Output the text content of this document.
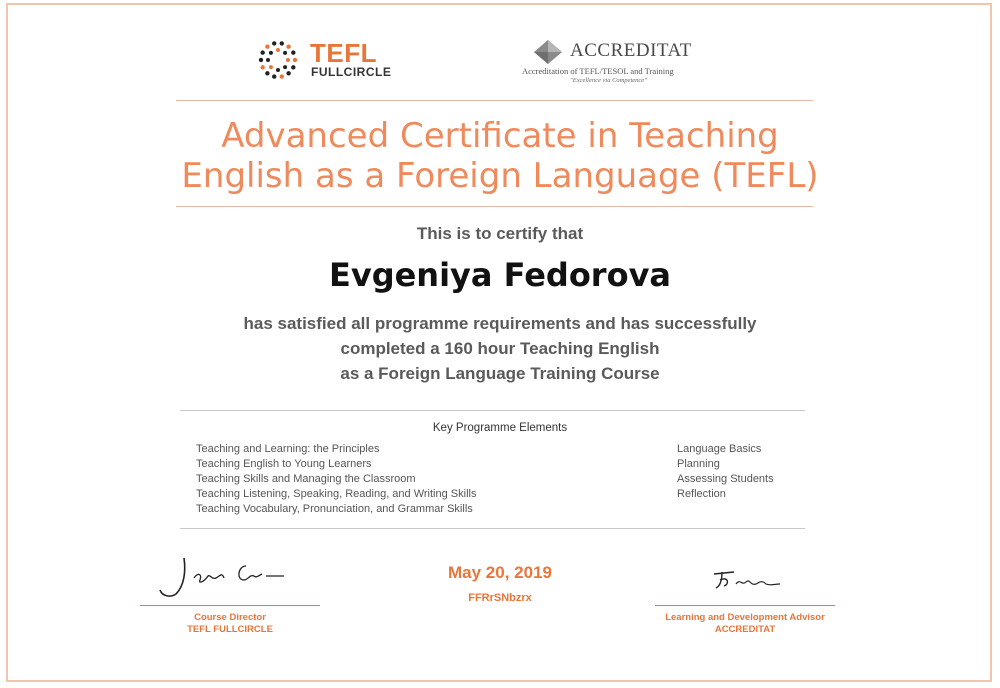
TEFL
FULLCIRCLE
ACCREDITAT
Accreditation of TEFL/TESOL and Training
"Excellence via Competence"
Advanced Certificate in Teaching
English as a Foreign Language (TEFL)
This is to certify that
Evgeniya Fedorova
has satisfied all programme requirements and has successfully
completed a 160 hour Teaching English
as a Foreign Language Training Course
Key Programme Elements
Teaching and Learning: the Principles
Teaching English to Young Learners
Teaching Skills and Managing the Classroom
Teaching Listening, Speaking, Reading, and Writing Skills
Teaching Vocabulary, Pronunciation, and Grammar Skills
Language Basics
Planning
Assessing Students
Reflection
Course Director
TEFL FULLCIRCLE
May 20, 2019
FFRrSNbzrx
Learning and Development Advisor
ACCREDITAT
